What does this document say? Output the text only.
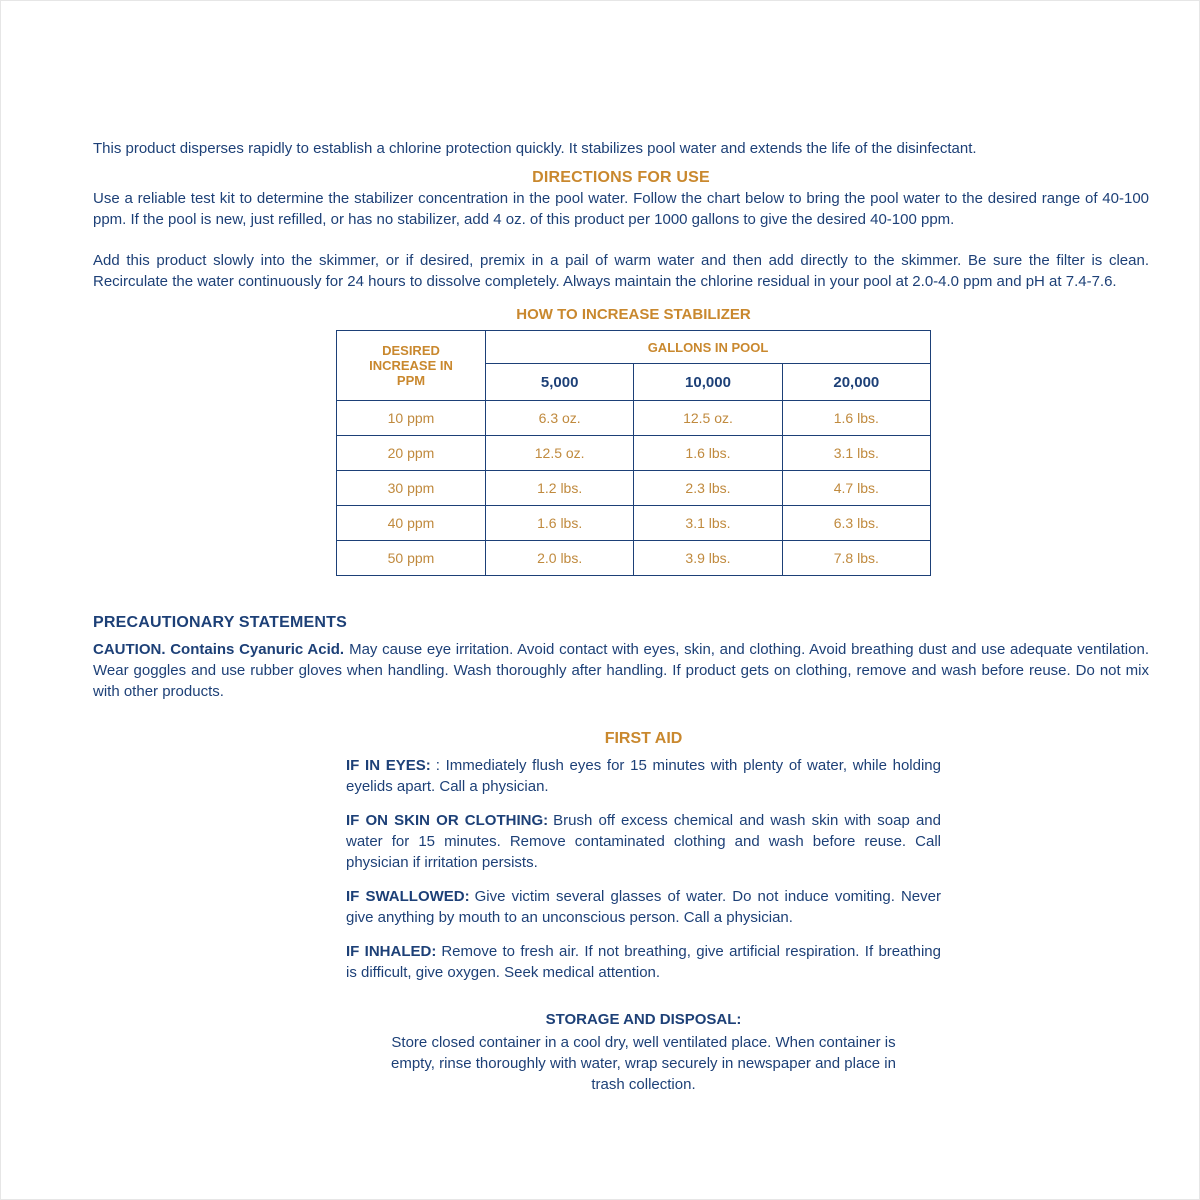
This product disperses rapidly to establish a chlorine protection quickly. It stabilizes pool water and extends the life of the disinfectant.

DIRECTIONS FOR USE

Use a reliable test kit to determine the stabilizer concentration in the pool water. Follow the chart below to bring the pool water to the desired range of 40-100 ppm. If the pool is new, just refilled, or has no stabilizer, add 4 oz. of this product per 1000 gallons to give the desired 40-100 ppm.

Add this product slowly into the skimmer, or if desired, premix in a pail of warm water and then add directly to the skimmer. Be sure the filter is clean. Recirculate the water continuously for 24 hours to dissolve completely. Always maintain the chlorine residual in your pool at 2.0-4.0 ppm and pH at 7.4-7.6.

HOW TO INCREASE STABILIZER
DESIRED INCREASE IN PPM	GALLONS IN POOL		
	5,000	10,000	20,000
10 ppm	6.3 oz.	12.5 oz.	1.6 lbs.
20 ppm	12.5 oz.	1.6 lbs.	3.1 lbs.
30 ppm	1.2 lbs.	2.3 lbs.	4.7 lbs.
40 ppm	1.6 lbs.	3.1 lbs.	6.3 lbs.
50 ppm	2.0 lbs.	3.9 lbs.	7.8 lbs.

PRECAUTIONARY STATEMENTS

CAUTION. Contains Cyanuric Acid. May cause eye irritation. Avoid contact with eyes, skin, and clothing. Avoid breathing dust and use adequate ventilation. Wear goggles and use rubber gloves when handling. Wash thoroughly after handling. If product gets on clothing, remove and wash before reuse. Do not mix with other products.

FIRST AID

IF IN EYES: : Immediately flush eyes for 15 minutes with plenty of water, while holding eyelids apart. Call a physician.

IF ON SKIN OR CLOTHING: Brush off excess chemical and wash skin with soap and water for 15 minutes. Remove contaminated clothing and wash before reuse. Call physician if irritation persists.

IF SWALLOWED: Give victim several glasses of water. Do not induce vomiting. Never give anything by mouth to an unconscious person. Call a physician.

IF INHALED: Remove to fresh air. If not breathing, give artificial respiration. If breathing is difficult, give oxygen. Seek medical attention.

STORAGE AND DISPOSAL:

Store closed container in a cool dry, well ventilated place. When container is empty, rinse thoroughly with water, wrap securely in newspaper and place in trash collection.
